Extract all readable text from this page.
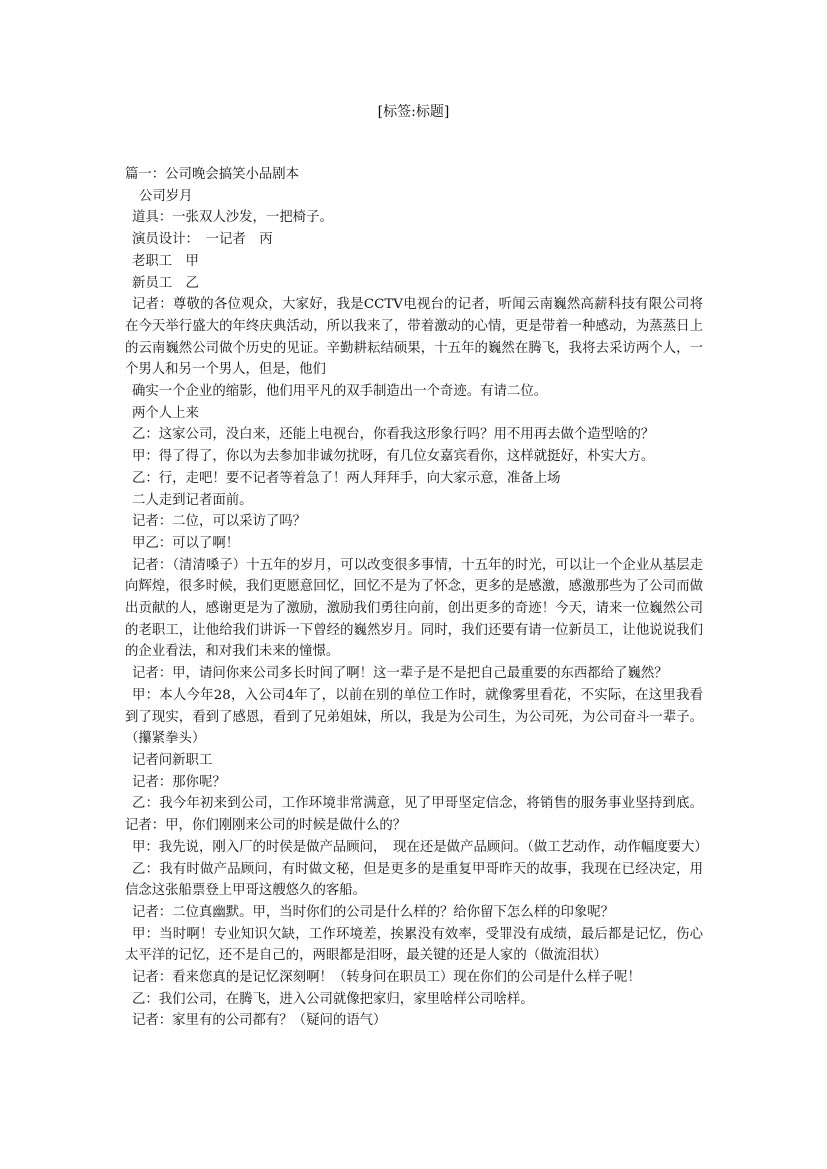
[标签:标题]

篇一：公司晚会搞笑小品剧本

公司岁月

道具：一张双人沙发，一把椅子。

演员设计：　一记者　丙

老职工　甲

新员工　乙

记者：尊敬的各位观众，大家好，我是CCTV电视台的记者，听闻云南巍然高薪科技有限公司将在今天举行盛大的年终庆典活动，所以我来了，带着激动的心情，更是带着一种感动，为蒸蒸日上的云南巍然公司做个历史的见证。辛勤耕耘结硕果，十五年的巍然在腾飞，我将去采访两个人，一个男人和另一个男人，但是，他们

确实一个企业的缩影，他们用平凡的双手制造出一个奇迹。有请二位。

两个人上来

乙：这家公司，没白来，还能上电视台，你看我这形象行吗？用不用再去做个造型啥的？

甲：得了得了，你以为去参加非诚勿扰呀，有几位女嘉宾看你，这样就挺好，朴实大方。

乙：行，走吧！要不记者等着急了！两人拜拜手，向大家示意，准备上场

二人走到记者面前。

记者：二位，可以采访了吗？

甲乙：可以了啊！

记者：（清清嗓子）十五年的岁月，可以改变很多事情，十五年的时光，可以让一个企业从基层走向辉煌，很多时候，我们更愿意回忆，回忆不是为了怀念，更多的是感激，感激那些为了公司而做出贡献的人，感谢更是为了激励，激励我们勇往向前，创出更多的奇迹！今天，请来一位巍然公司的老职工，让他给我们讲诉一下曾经的巍然岁月。同时，我们还要有请一位新员工，让他说说我们的企业看法，和对我们未来的憧憬。

记者：甲，请问你来公司多长时间了啊！这一辈子是不是把自己最重要的东西都给了巍然？

甲：本人今年28，入公司4年了，以前在别的单位工作时，就像雾里看花，不实际，在这里我看到了现实，看到了感恩，看到了兄弟姐妹，所以，我是为公司生，为公司死，为公司奋斗一辈子。（攥紧拳头）

记者问新职工

记者：那你呢？

乙：我今年初来到公司，工作环境非常满意，见了甲哥坚定信念，将销售的服务事业坚持到底。记者：甲，你们刚刚来公司的时候是做什么的？

甲：我先说，刚入厂的时侯是做产品顾问，　现在还是做产品顾问。（做工艺动作，动作幅度要大）

乙：我有时做产品顾问，有时做文秘，但是更多的是重复甲哥昨天的故事，我现在已经决定，用信念这张船票登上甲哥这艘悠久的客船。

记者：二位真幽默。甲，当时你们的公司是什么样的？给你留下怎么样的印象呢？

甲：当时啊！专业知识欠缺，工作环境差，挨累没有效率，受罪没有成绩，最后都是记忆，伤心太平洋的记忆，还不是自己的，两眼都是泪呀，最关键的还是人家的（做流泪状）

记者：看来您真的是记忆深刻啊！（转身问在职员工）现在你们的公司是什么样子呢！

乙：我们公司，在腾飞，进入公司就像把家归，家里啥样公司啥样。

记者：家里有的公司都有？（疑问的语气）
